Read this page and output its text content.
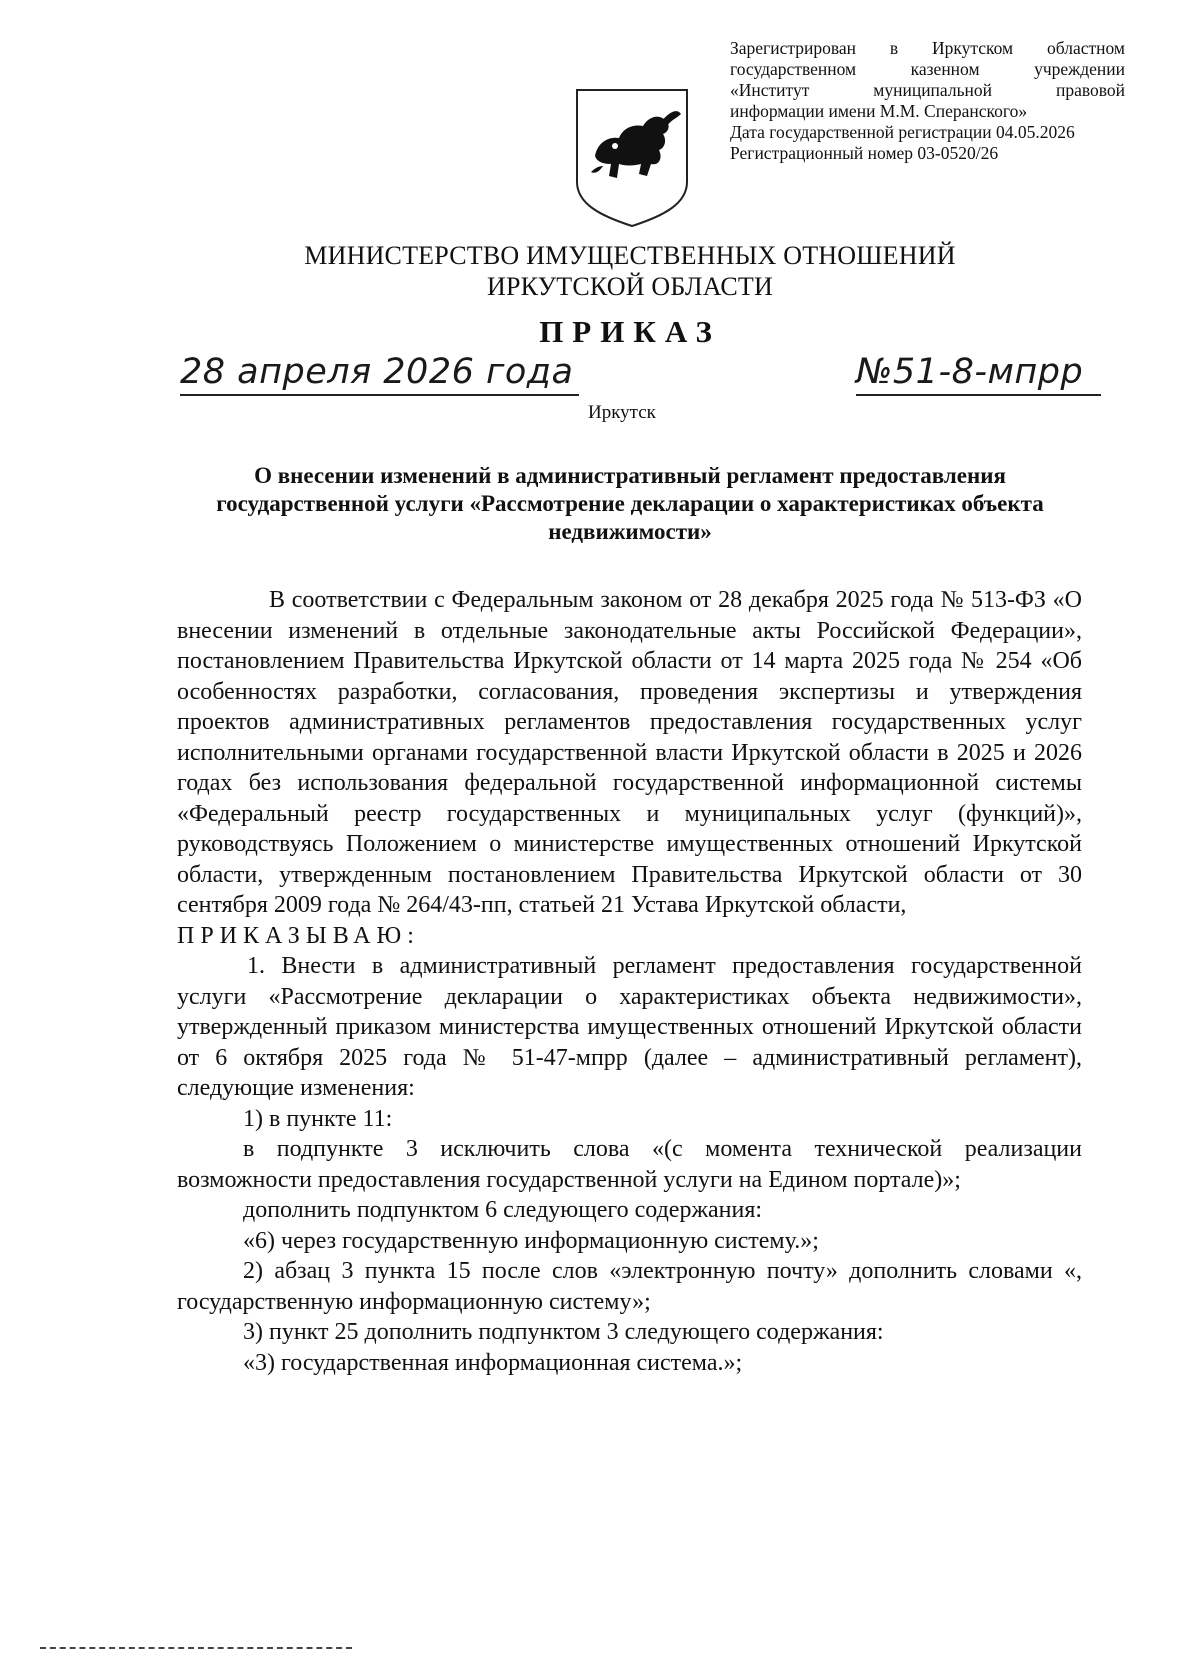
Зарегистрирован в Иркутском областном
государственном казенном учреждении
«Институт муниципальной правовой
информации имени М.М. Сперанского»
Дата государственной регистрации 04.05.2026
Регистрационный номер 03-0520/26
МИНИСТЕРСТВО ИМУЩЕСТВЕННЫХ ОТНОШЕНИЙ
ИРКУТСКОЙ ОБЛАСТИ
ПРИКАЗ
28 апреля 2026 года	№51-8-мпрр
Иркутск
О внесении изменений в административный регламент предоставления государственной услуги «Рассмотрение декларации о характеристиках объекта недвижимости»

В соответствии с Федеральным законом от 28 декабря 2025 года № 513-ФЗ «О внесении изменений в отдельные законодательные акты Российской Федерации», постановлением Правительства Иркутской области от 14 марта 2025 года № 254 «Об особенностях разработки, согласования, проведения экспертизы и утверждения проектов административных регламентов предоставления государственных услуг исполнительными органами государственной власти Иркутской области в 2025 и 2026 годах без использования федеральной государственной информационной системы «Федеральный реестр государственных и муниципальных услуг (функций)», руководствуясь Положением о министерстве имущественных отношений Иркутской области, утвержденным постановлением Правительства Иркутской области от 30 сентября 2009 года № 264/43-пп, статьей 21 Устава Иркутской области,

ПРИКАЗЫВАЮ:

1. Внести в административный регламент предоставления государственной услуги «Рассмотрение декларации о характеристиках объекта недвижимости», утвержденный приказом министерства имущественных отношений Иркутской области от 6 октября 2025 года № 51-47-мпрр (далее – административный регламент), следующие изменения:

1) в пункте 11:

в подпункте 3 исключить слова «(с момента технической реализации возможности предоставления государственной услуги на Едином портале)»;

дополнить подпунктом 6 следующего содержания:

«6) через государственную информационную систему.»;

2) абзац 3 пункта 15 после слов «электронную почту» дополнить словами «, государственную информационную систему»;

3) пункт 25 дополнить подпунктом 3 следующего содержания:

«3) государственная информационная система.»;
